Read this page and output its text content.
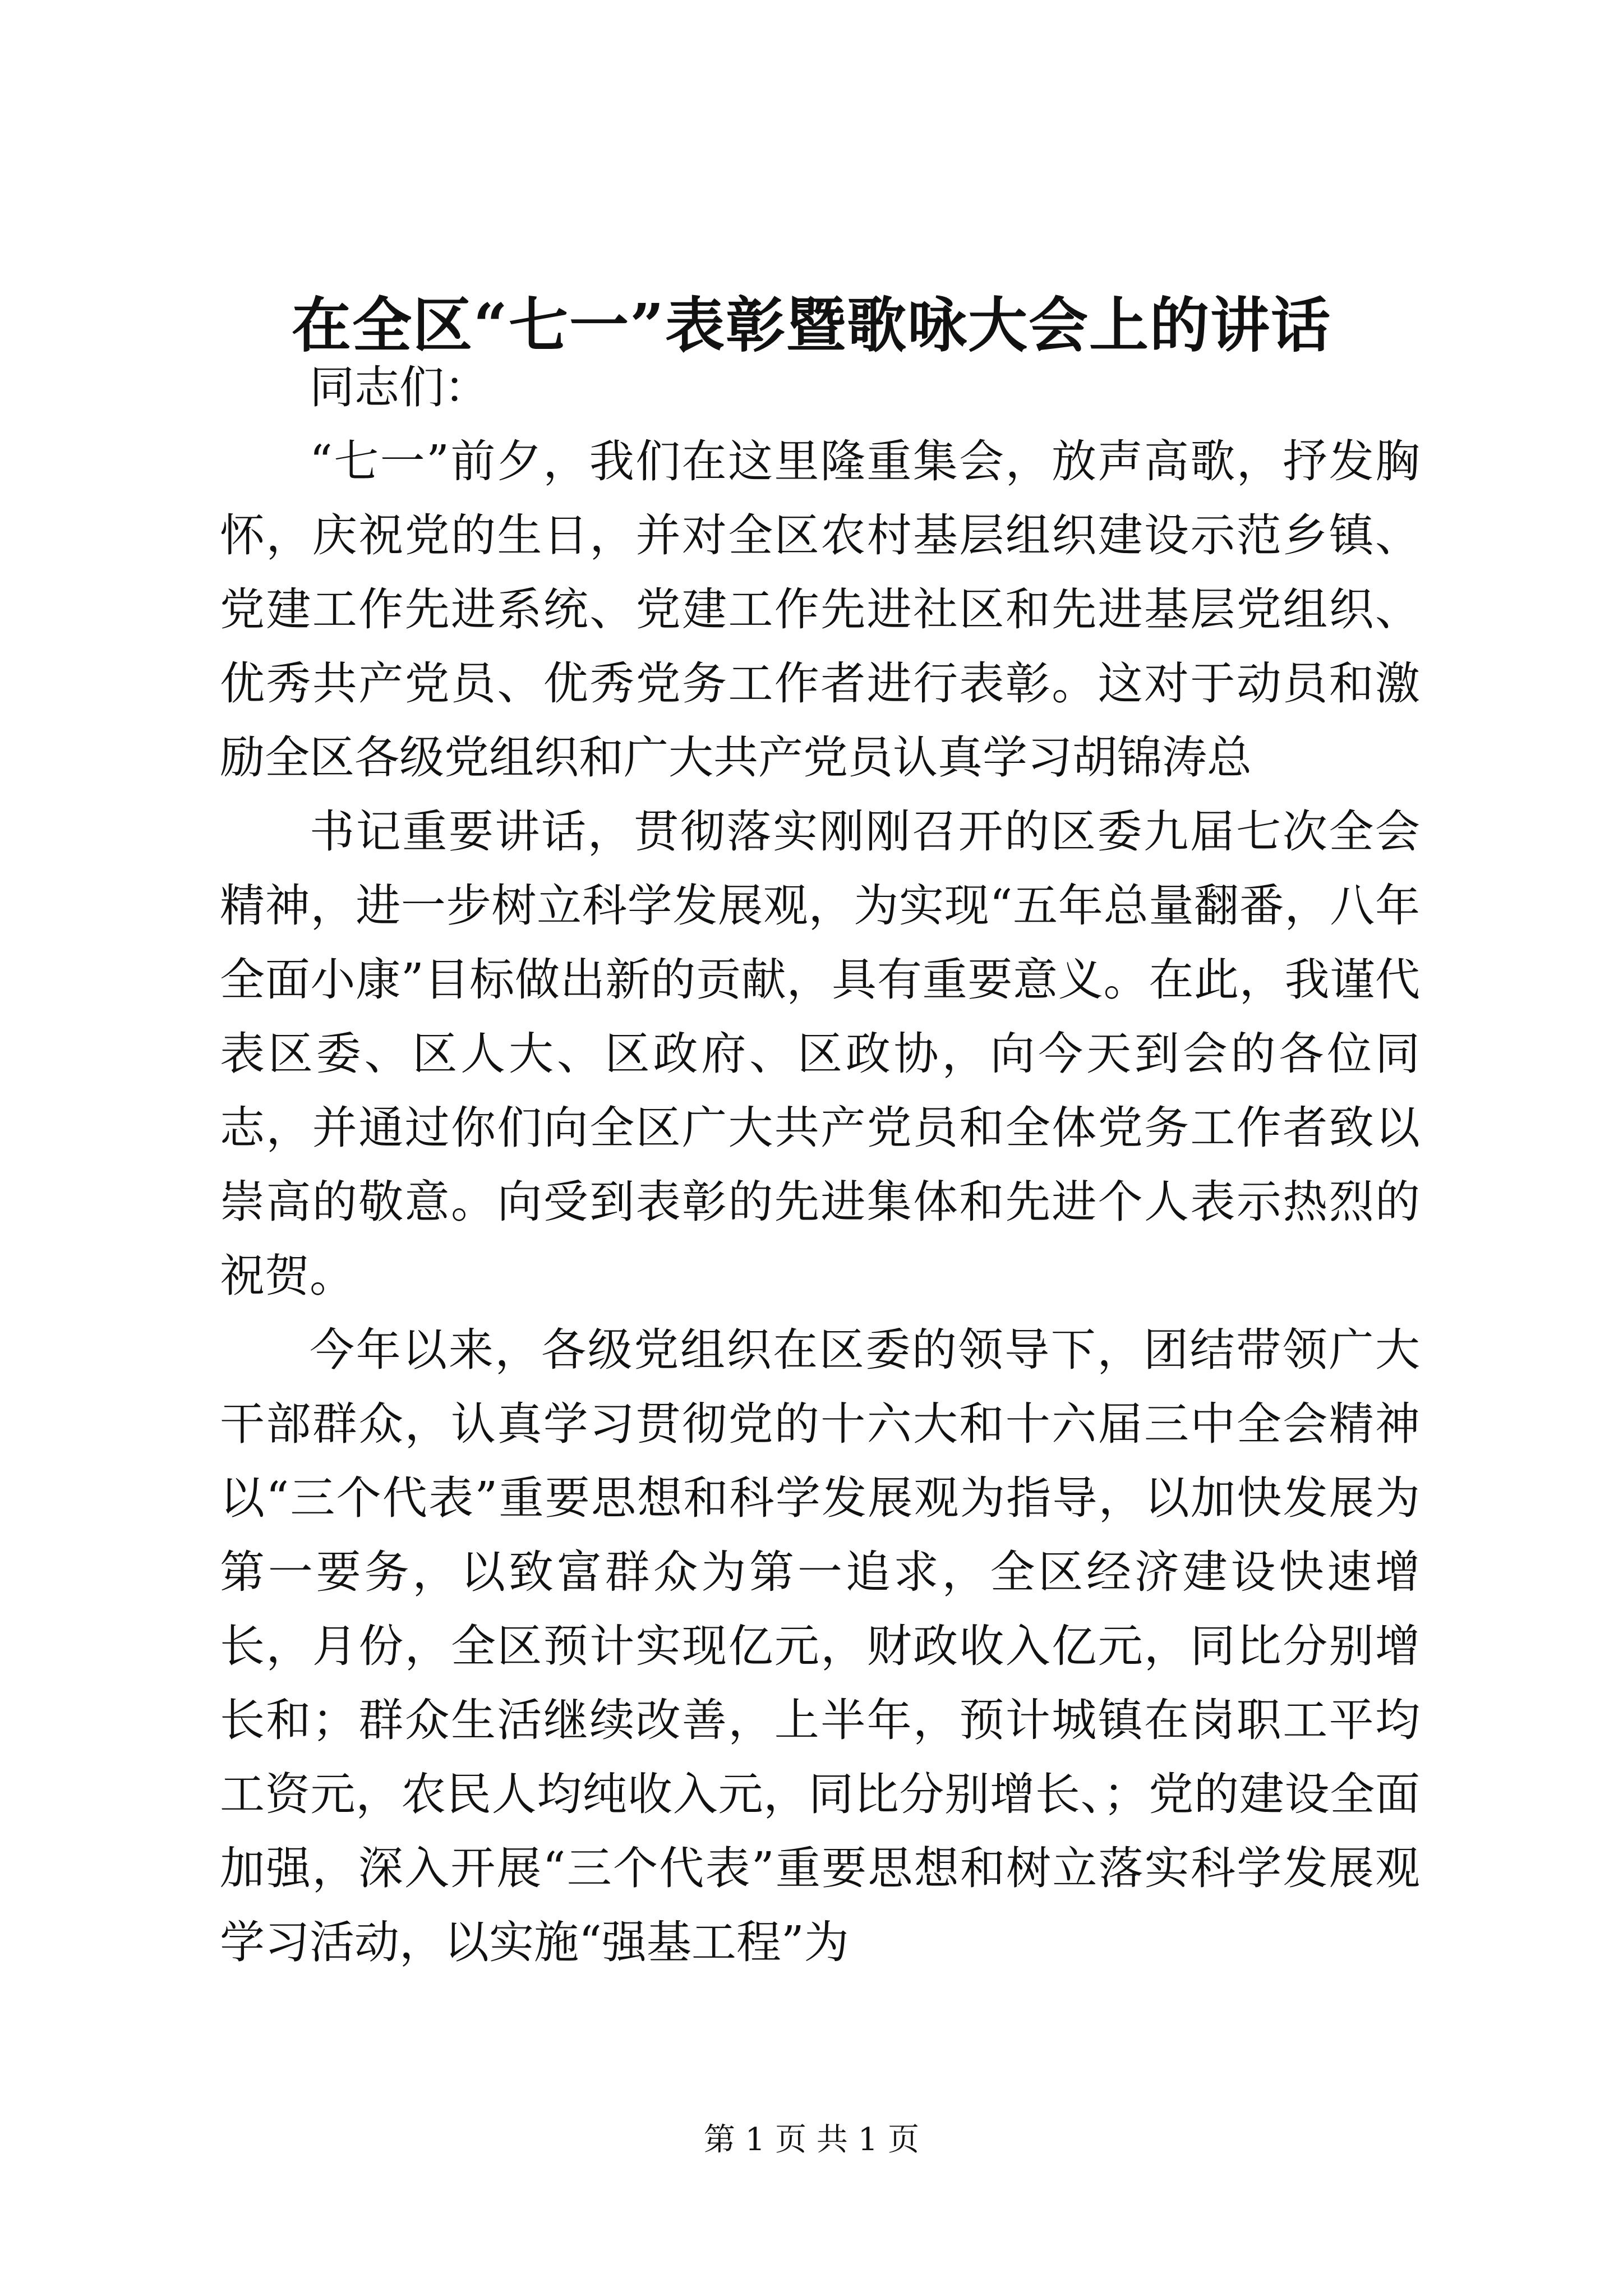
在全区“七一”表彰暨歌咏大会上的讲话

同志们：

“七一”前夕，我们在这里隆重集会，放声高歌，抒发胸怀，庆祝党的生日，并对全区农村基层组织建设示范乡镇、党建工作先进系统、党建工作先进社区和先进基层党组织、优秀共产党员、优秀党务工作者进行表彰。这对于动员和激励全区各级党组织和广大共产党员认真学习胡锦涛总

书记重要讲话，贯彻落实刚刚召开的区委九届七次全会精神，进一步树立科学发展观，为实现“五年总量翻番，八年全面小康”目标做出新的贡献，具有重要意义。在此，我谨代表区委、区人大、区政府、区政协，向今天到会的各位同志，并通过你们向全区广大共产党员和全体党务工作者致以崇高的敬意。向受到表彰的先进集体和先进个人表示热烈的祝贺。

今年以来，各级党组织在区委的领导下，团结带领广大干部群众，认真学习贯彻党的十六大和十六届三中全会精神以“三个代表”重要思想和科学发展观为指导，以加快发展为第一要务，以致富群众为第一追求，全区经济建设快速增长，月份，全区预计实现亿元，财政收入亿元，同比分别增长和；群众生活继续改善，上半年，预计城镇在岗职工平均工资元，农民人均纯收入元，同比分别增长、；党的建设全面加强，深入开展“三个代表”重要思想和树立落实科学发展观学习活动，以实施“强基工程”为

第 1 页 共 1 页
